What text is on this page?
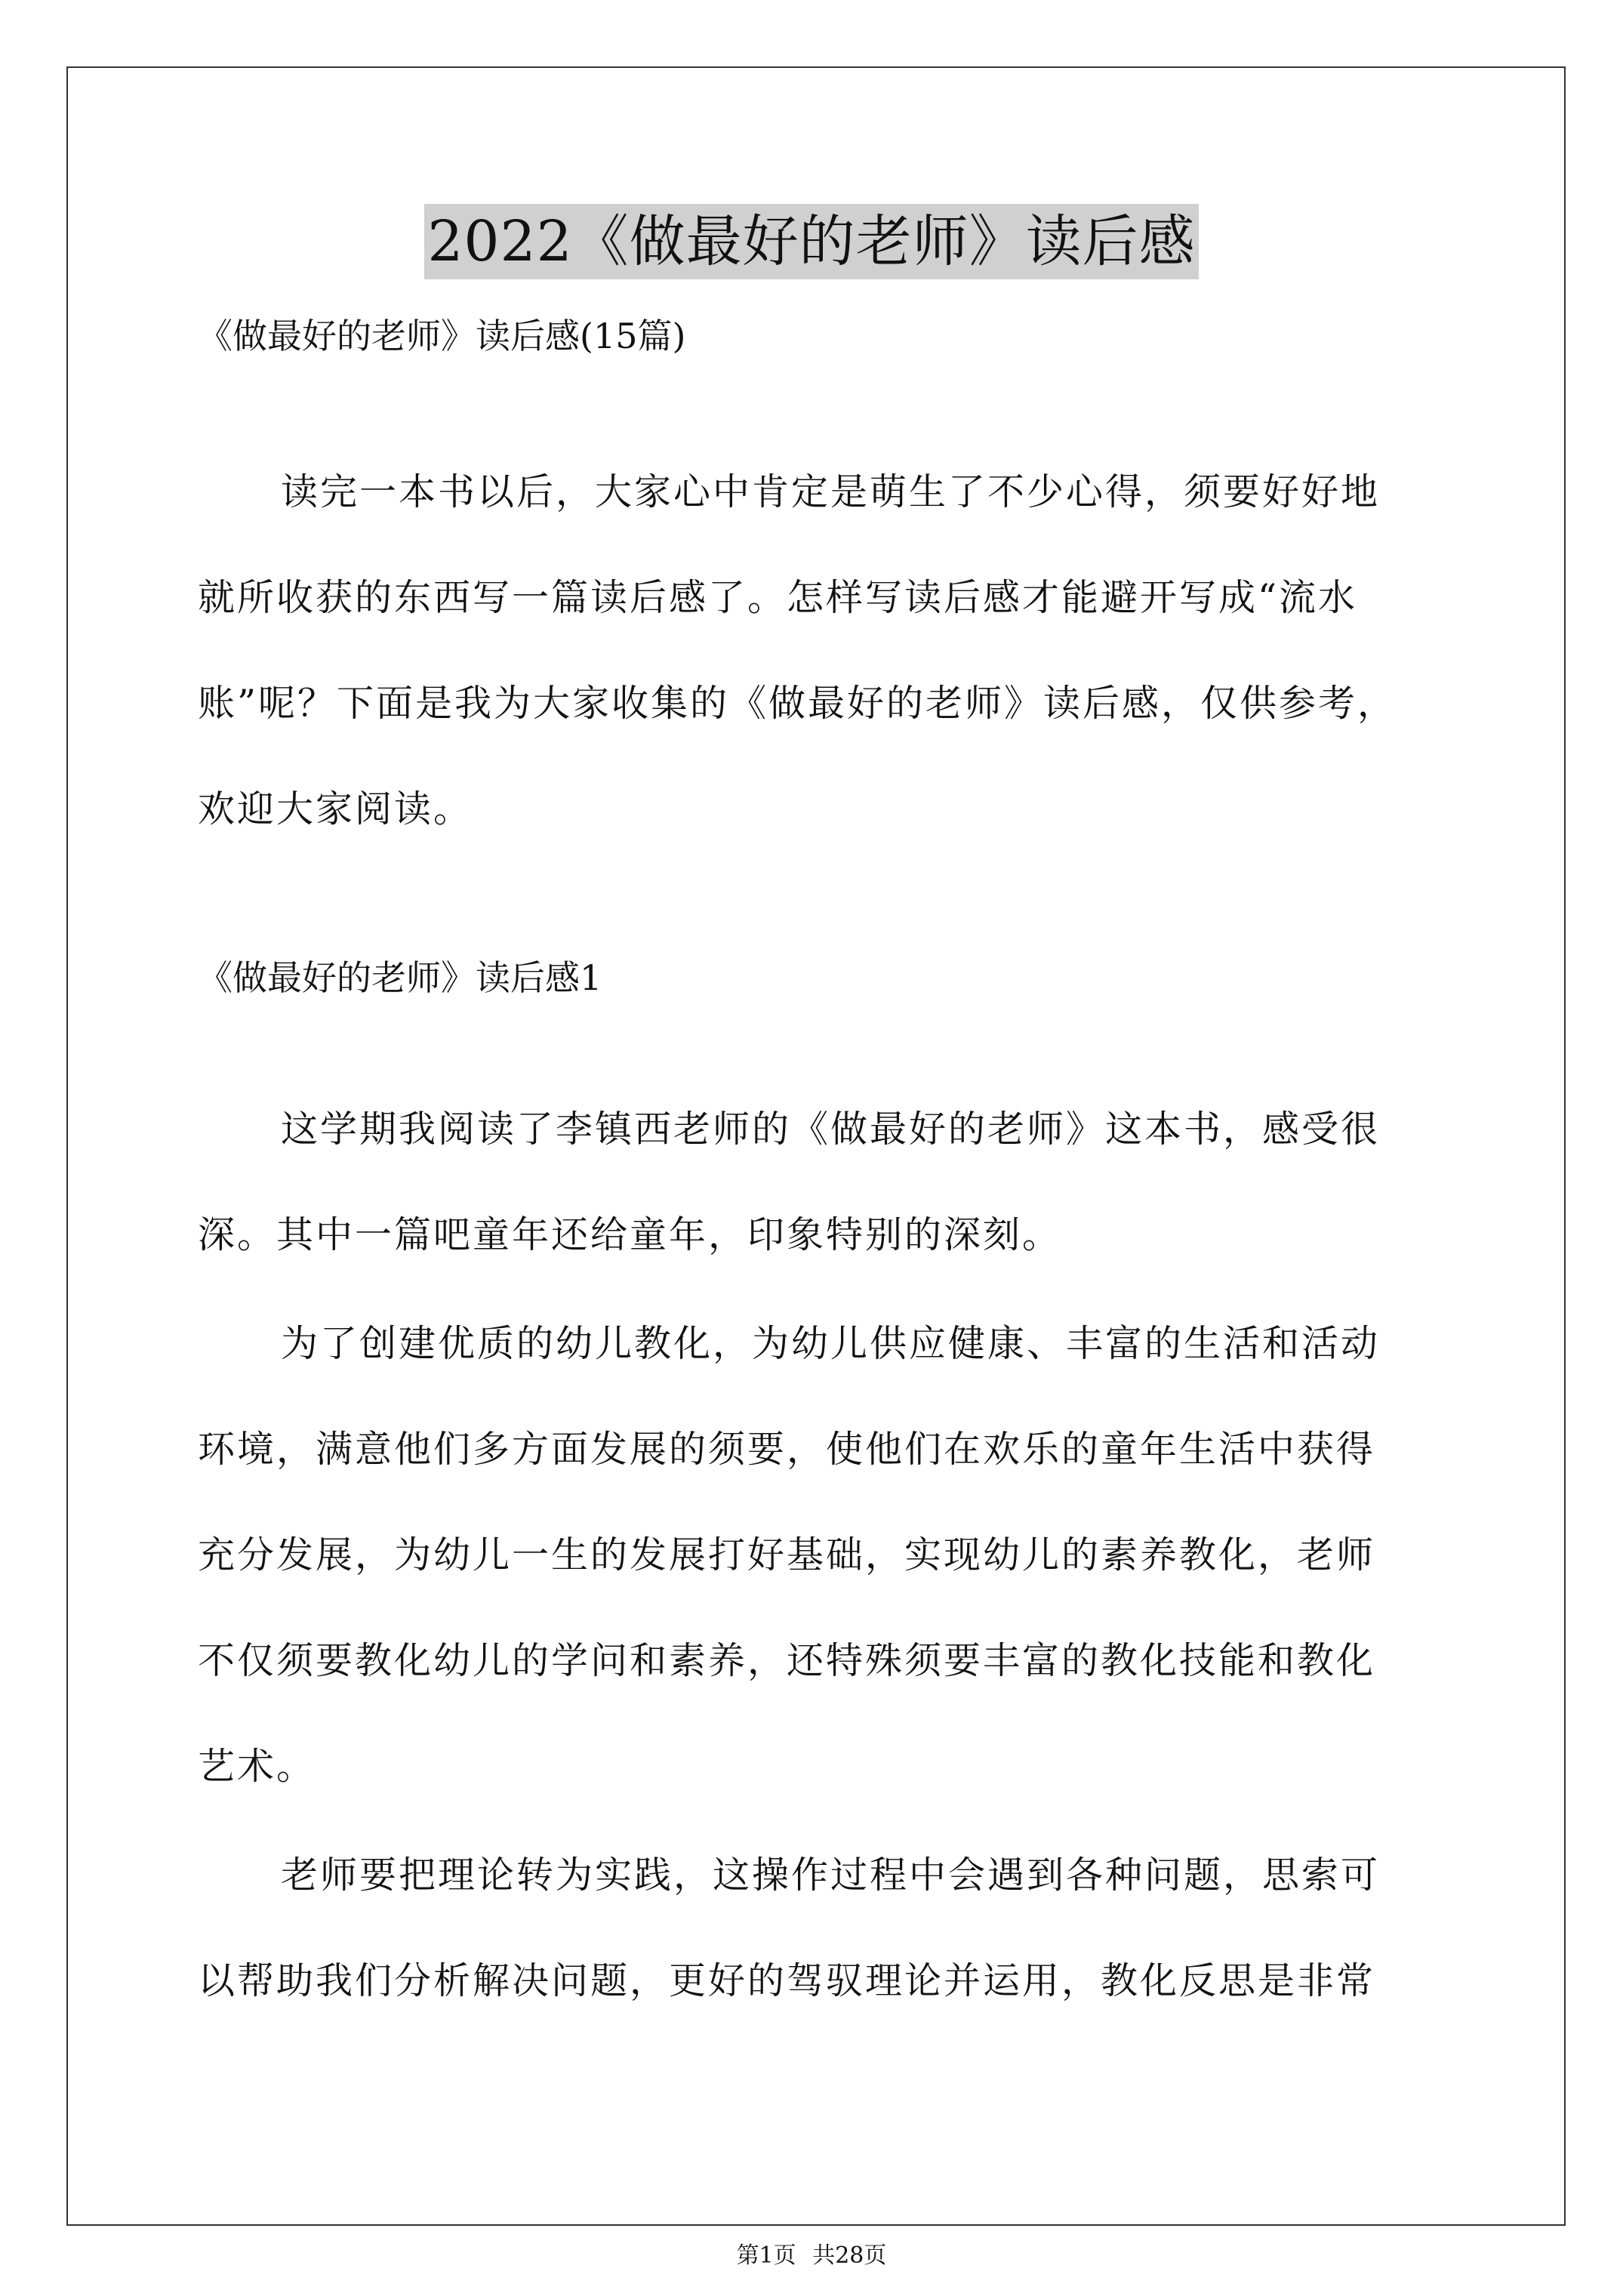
2022《做最好的老师》读后感
《做最好的老师》读后感(15篇)
读完一本书以后，大家心中肯定是萌生了不少心得，须要好好地
就所收获的东西写一篇读后感了。怎样写读后感才能避开写成“流水
账”呢？下面是我为大家收集的《做最好的老师》读后感，仅供参考，
欢迎大家阅读。
《做最好的老师》读后感1
这学期我阅读了李镇西老师的《做最好的老师》这本书，感受很
深。其中一篇吧童年还给童年，印象特别的深刻。
为了创建优质的幼儿教化，为幼儿供应健康、丰富的生活和活动
环境，满意他们多方面发展的须要，使他们在欢乐的童年生活中获得
充分发展，为幼儿一生的发展打好基础，实现幼儿的素养教化，老师
不仅须要教化幼儿的学问和素养，还特殊须要丰富的教化技能和教化
艺术。
老师要把理论转为实践，这操作过程中会遇到各种问题，思索可
以帮助我们分析解决问题，更好的驾驭理论并运用，教化反思是非常
第1页 共28页
